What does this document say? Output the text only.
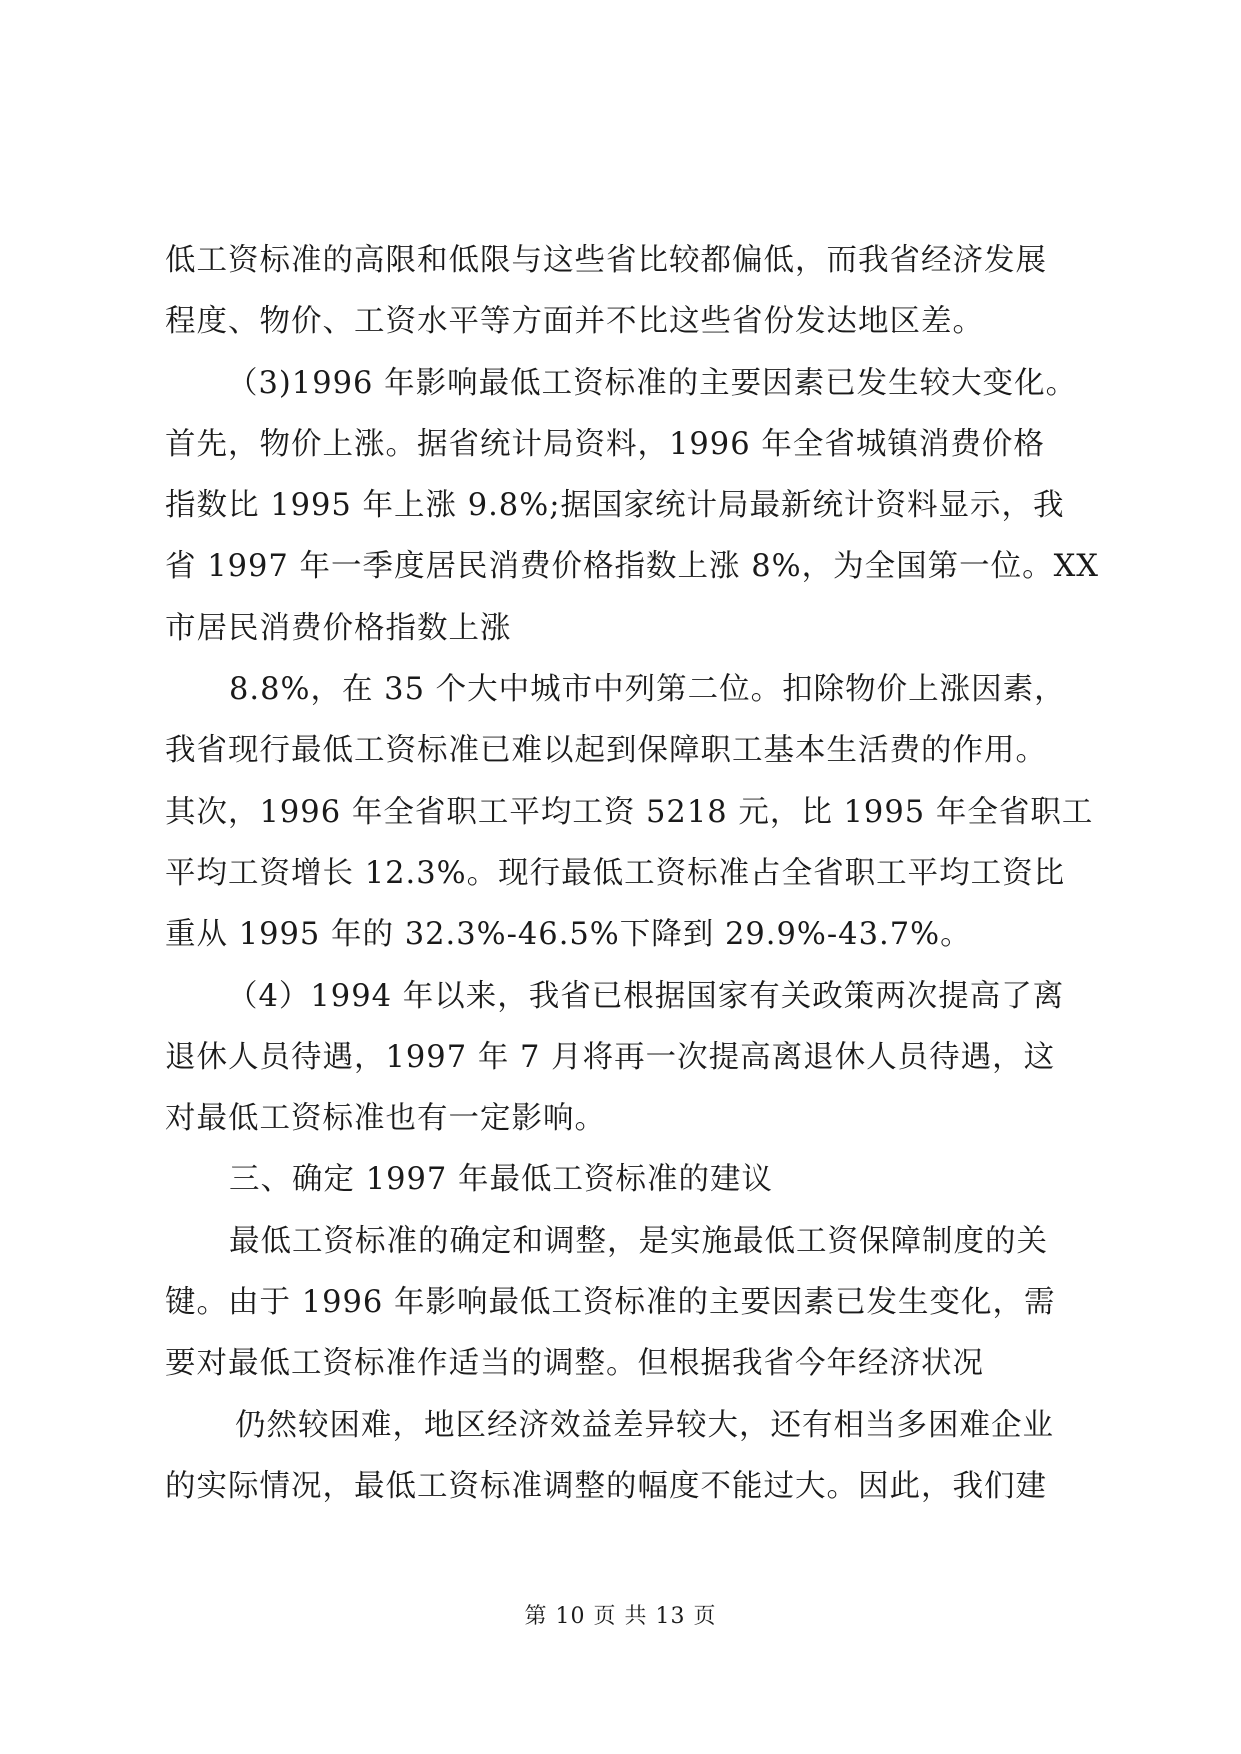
低工资标准的高限和低限与这些省比较都偏低，而我省经济发展
程度、物价、工资水平等方面并不比这些省份发达地区差。
（3)1996 年影响最低工资标准的主要因素已发生较大变化。
首先，物价上涨。据省统计局资料，1996 年全省城镇消费价格
指数比 1995 年上涨 9.8%;据国家统计局最新统计资料显示，我
省 1997 年一季度居民消费价格指数上涨 8%，为全国第一位。XX
市居民消费价格指数上涨
8.8%，在 35 个大中城市中列第二位。扣除物价上涨因素，
我省现行最低工资标准已难以起到保障职工基本生活费的作用。
其次，1996 年全省职工平均工资 5218 元，比 1995 年全省职工
平均工资增长 12.3%。现行最低工资标准占全省职工平均工资比
重从 1995 年的 32.3%-46.5%下降到 29.9%-43.7%。
（4）1994 年以来，我省已根据国家有关政策两次提高了离
退休人员待遇，1997 年 7 月将再一次提高离退休人员待遇，这
对最低工资标准也有一定影响。
三、确定 1997 年最低工资标准的建议
最低工资标准的确定和调整，是实施最低工资保障制度的关
键。由于 1996 年影响最低工资标准的主要因素已发生变化，需
要对最低工资标准作适当的调整。但根据我省今年经济状况
仍然较困难，地区经济效益差异较大，还有相当多困难企业
的实际情况，最低工资标准调整的幅度不能过大。因此，我们建
第 10 页 共 13 页
